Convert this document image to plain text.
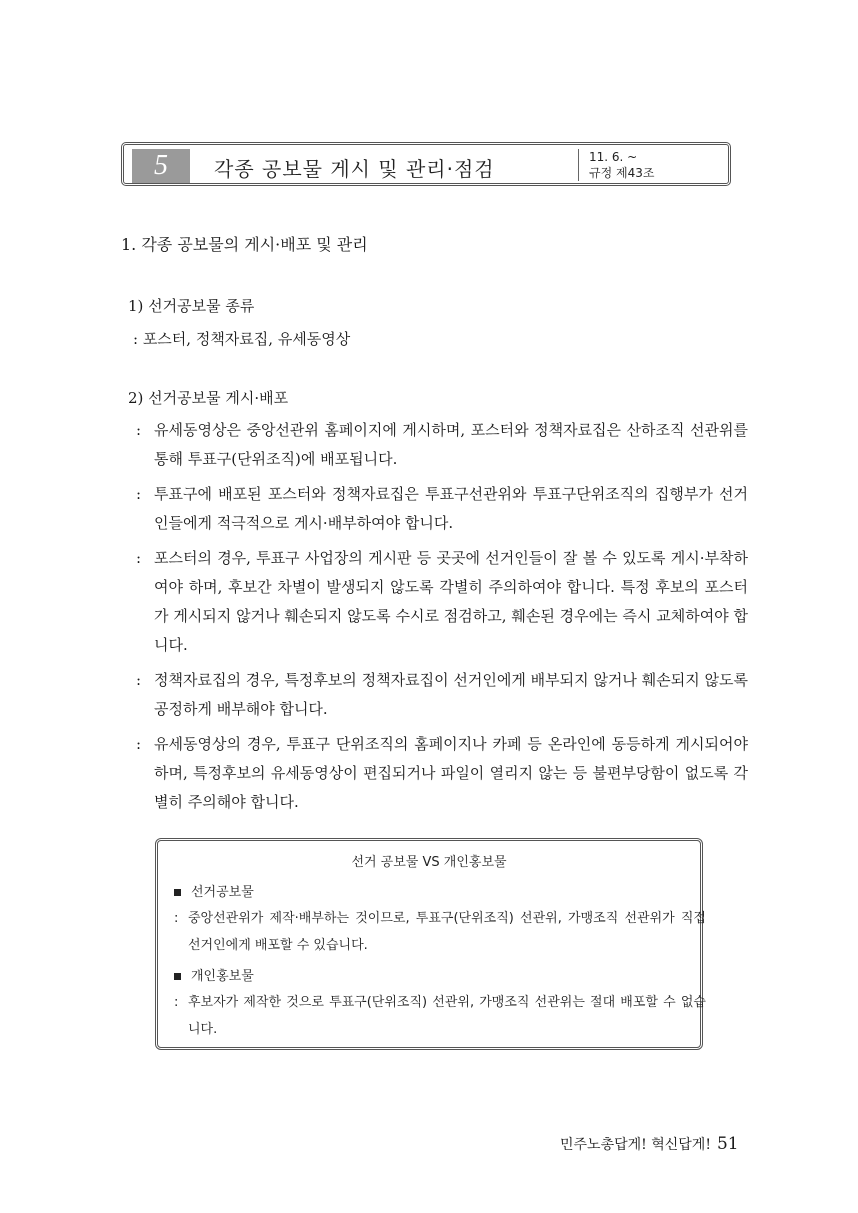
5	각종 공보물 게시 및 관리·점검	11. 6. ~
규정 제43조
1. 각종 공보물의 게시·배포 및 관리
1) 선거공보물 종류
: 포스터, 정책자료집, 유세동영상
2) 선거공보물 게시·배포
: 유세동영상은 중앙선관위 홈페이지에 게시하며, 포스터와 정책자료집은 산하조직 선관위를 통해 투표구(단위조직)에 배포됩니다.
: 투표구에 배포된 포스터와 정책자료집은 투표구선관위와 투표구단위조직의 집행부가 선거인들에게 적극적으로 게시·배부하여야 합니다.
: 포스터의 경우, 투표구 사업장의 게시판 등 곳곳에 선거인들이 잘 볼 수 있도록 게시·부착하여야 하며, 후보간 차별이 발생되지 않도록 각별히 주의하여야 합니다. 특정 후보의 포스터가 게시되지 않거나 훼손되지 않도록 수시로 점검하고, 훼손된 경우에는 즉시 교체하여야 합니다.
: 정책자료집의 경우, 특정후보의 정책자료집이 선거인에게 배부되지 않거나 훼손되지 않도록 공정하게 배부해야 합니다.
: 유세동영상의 경우, 투표구 단위조직의 홈페이지나 카페 등 온라인에 동등하게 게시되어야 하며, 특정후보의 유세동영상이 편집되거나 파일이 열리지 않는 등 불편부당함이 없도록 각별히 주의해야 합니다.
선거 공보물 VS 개인홍보물
선거공보물
: 중앙선관위가 제작·배부하는 것이므로, 투표구(단위조직) 선관위, 가맹조직 선관위가 직접 선거인에게 배포할 수 있습니다.
개인홍보물
: 후보자가 제작한 것으로 투표구(단위조직) 선관위, 가맹조직 선관위는 절대 배포할 수 없습니다.
민주노총답게! 혁신답게! 51
